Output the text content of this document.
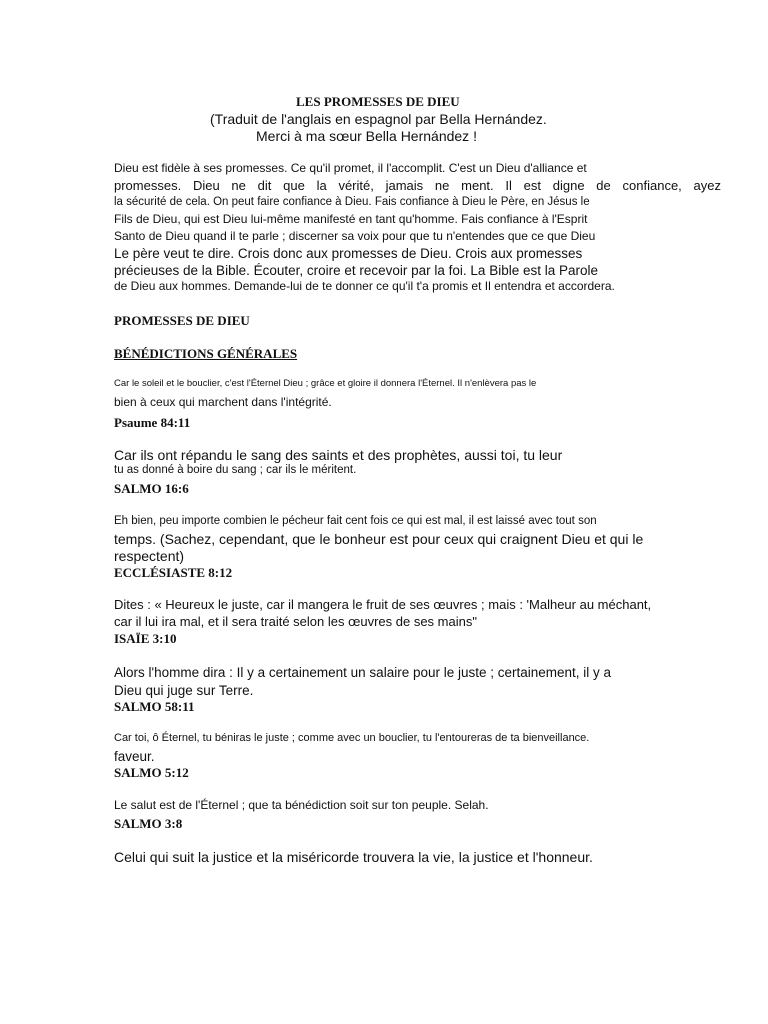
LES PROMESSES DE DIEU
(Traduit de l'anglais en espagnol par Bella Hernández.
Merci à ma sœur Bella Hernández !
Dieu est fidèle à ses promesses. Ce qu'il promet, il l'accomplit. C'est un Dieu d'alliance et
promesses. Dieu ne dit que la vérité, jamais ne ment. Il est digne de confiance, ayez
la sécurité de cela. On peut faire confiance à Dieu. Fais confiance à Dieu le Père, en Jésus le
Fils de Dieu, qui est Dieu lui-même manifesté en tant qu'homme. Fais confiance à l'Esprit
Santo de Dieu quand il te parle ; discerner sa voix pour que tu n'entendes que ce que Dieu
Le père veut te dire. Crois donc aux promesses de Dieu. Crois aux promesses
précieuses de la Bible. Écouter, croire et recevoir par la foi. La Bible est la Parole
de Dieu aux hommes. Demande-lui de te donner ce qu'il t'a promis et Il entendra et accordera.
PROMESSES DE DIEU
BÉNÉDICTIONS GÉNÉRALES
Car le soleil et le bouclier, c'est l'Éternel Dieu ; grâce et gloire il donnera l'Éternel. Il n'enlèvera pas le
bien à ceux qui marchent dans l'intégrité.
Psaume 84:11
Car ils ont répandu le sang des saints et des prophètes, aussi toi, tu leur
tu as donné à boire du sang ; car ils le méritent.
SALMO 16:6
Eh bien, peu importe combien le pécheur fait cent fois ce qui est mal, il est laissé avec tout son
temps. (Sachez, cependant, que le bonheur est pour ceux qui craignent Dieu et qui le
respectent)
ECCLÉSIASTE 8:12
Dites : « Heureux le juste, car il mangera le fruit de ses œuvres ; mais : 'Malheur au méchant,
car il lui ira mal, et il sera traité selon les œuvres de ses mains"
ISAÏE 3:10
Alors l'homme dira : Il y a certainement un salaire pour le juste ; certainement, il y a
Dieu qui juge sur Terre.
SALMO 58:11
Car toi, ô Éternel, tu béniras le juste ; comme avec un bouclier, tu l'entoureras de ta bienveillance.
faveur.
SALMO 5:12
Le salut est de l'Éternel ; que ta bénédiction soit sur ton peuple. Selah.
SALMO 3:8
Celui qui suit la justice et la miséricorde trouvera la vie, la justice et l'honneur.
